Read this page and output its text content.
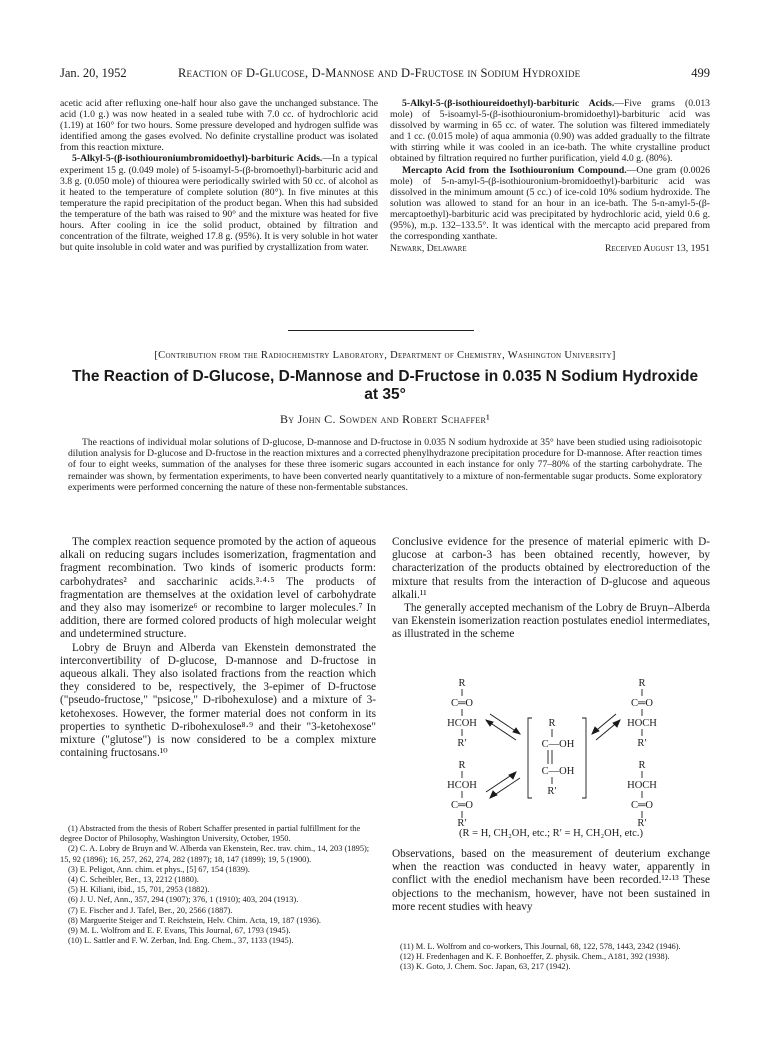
Jan. 20, 1952	Reaction of D-Glucose, D-Mannose and D-Fructose in Sodium Hydroxide	499

acetic acid after refluxing one-half hour also gave the unchanged substance. The acid (1.0 g.) was now heated in a sealed tube with 7.0 cc. of hydrochloric acid (1.19) at 160° for two hours. Some pressure developed and hydrogen sulfide was identified among the gases evolved. No definite crystalline product was isolated from this reaction mixture.

5-Alkyl-5-(β-isothiouroniumbromidoethyl)-barbituric Acids.—In a typical experiment 15 g. (0.049 mole) of 5-isoamyl-5-(β-bromoethyl)-barbituric acid and 3.8 g. (0.050 mole) of thiourea were periodically swirled with 50 cc. of alcohol as it heated to the temperature of complete solution (80°). In five minutes at this temperature the rapid precipitation of the product began. When this had subsided the temperature of the bath was raised to 90° and the mixture was heated for five hours. After cooling in ice the solid product, obtained by filtration and concentration of the filtrate, weighed 17.8 g. (95%). It is very soluble in hot water but quite insoluble in cold water and was purified by crystallization from water.

5-Alkyl-5-(β-isothioureidoethyl)-barbituric Acids.—Five grams (0.013 mole) of 5-isoamyl-5-(β-isothiouronium-bromidoethyl)-barbituric acid was dissolved by warming in 65 cc. of water. The solution was filtered immediately and 1 cc. (0.015 mole) of aqua ammonia (0.90) was added gradually to the filtrate with stirring while it was cooled in an ice-bath. The white crystalline product obtained by filtration required no further purification, yield 4.0 g. (80%).

Mercapto Acid from the Isothiouronium Compound.—One gram (0.0026 mole) of 5-n-amyl-5-(β-isothiouronium-bromidoethyl)-barbituric acid was dissolved in the minimum amount (5 cc.) of ice-cold 10% sodium hydroxide. The solution was allowed to stand for an hour in an ice-bath. The 5-n-amyl-5-(β-mercaptoethyl)-barbituric acid was precipitated by hydrochloric acid, yield 0.6 g. (95%), m.p. 132–133.5°. It was identical with the mercapto acid prepared from the corresponding xanthate.

Newark, Delaware	Received August 13, 1951
[Contribution from the Radiochemistry Laboratory, Department of Chemistry, Washington University]
The Reaction of D-Glucose, D-Mannose and D-Fructose in 0.035 N Sodium Hydroxide
at 35°
By John C. Sowden and Robert Schaffer¹
The reactions of individual molar solutions of D-glucose, D-mannose and D-fructose in 0.035 N sodium hydroxide at 35° have been studied using radioisotopic dilution analysis for D-glucose and D-fructose in the reaction mixtures and a corrected phenylhydrazone precipitation procedure for D-mannose. After reaction times of four to eight weeks, summation of the analyses for these three isomeric sugars accounted in each instance for only 77–80% of the starting carbohydrate. The remainder was shown, by fermentation experiments, to have been converted nearly quantitatively to a mixture of non-fermentable sugar products. Some exploratory experiments were performed concerning the nature of these non-fermentable substances.

The complex reaction sequence promoted by the action of aqueous alkali on reducing sugars includes isomerization, fragmentation and fragment recombination. Two kinds of isomeric products form: carbohydrates² and saccharinic acids.³·⁴·⁵ The products of fragmentation are themselves at the oxidation level of carbohydrate and they also may isomerize⁶ or recombine to larger molecules.⁷ In addition, there are formed colored products of high molecular weight and undetermined structure.

Lobry de Bruyn and Alberda van Ekenstein demonstrated the interconvertibility of D-glucose, D-mannose and D-fructose in aqueous alkali. They also isolated fractions from the reaction which they considered to be, respectively, the 3-epimer of D-fructose ("pseudo-fructose," "psicose," D-ribohexulose) and a mixture of 3-ketohexoses. However, the former material does not conform in its properties to synthetic D-ribohexulose⁸·⁹ and their "3-ketohexose" mixture ("glutose") is now considered to be a complex mixture containing fructosans.¹⁰

(1) Abstracted from the thesis of Robert Schaffer presented in partial fulfillment for the degree Doctor of Philosophy, Washington University, October, 1950.

(2) C. A. Lobry de Bruyn and W. Alberda van Ekenstein, Rec. trav. chim., 14, 203 (1895); 15, 92 (1896); 16, 257, 262, 274, 282 (1897); 18, 147 (1899); 19, 5 (1900).

(3) E. Peligot, Ann. chim. et phys., [5] 67, 154 (1839).

(4) C. Scheibler, Ber., 13, 2212 (1880).

(5) H. Kiliani, ibid., 15, 701, 2953 (1882).

(6) J. U. Nef, Ann., 357, 294 (1907); 376, 1 (1910); 403, 204 (1913).

(7) E. Fischer and J. Tafel, Ber., 20, 2566 (1887).

(8) Marguerite Steiger and T. Reichstein, Helv. Chim. Acta, 19, 187 (1936).

(9) M. L. Wolfrom and E. F. Evans, This Journal, 67, 1793 (1945).

(10) L. Sattler and F. W. Zerban, Ind. Eng. Chem., 37, 1133 (1945).

Conclusive evidence for the presence of material epimeric with D-glucose at carbon-3 has been obtained recently, however, by characterization of the products obtained by electroreduction of the mixture that results from the interaction of D-glucose and aqueous alkali.¹¹

The generally accepted mechanism of the Lobry de Bruyn–Alberda van Ekenstein isomerization reaction postulates enediol intermediates, as illustrated in the scheme

R
C═O
HCOH
R′
R
HCOH
C═O
R′
R
C—OH
C—OH
R′
R
C═O
HOCH
R′
R
HOCH
C═O
R′
(R = H, CH₂OH, etc.; R′ = H, CH₂OH, etc.)

Observations, based on the measurement of deuterium exchange when the reaction was conducted in heavy water, apparently in conflict with the enediol mechanism have been recorded.¹²·¹³ These objections to the mechanism, however, have not been sustained in more recent studies with heavy

(11) M. L. Wolfrom and co-workers, This Journal, 68, 122, 578, 1443, 2342 (1946).

(12) H. Fredenhagen and K. F. Bonhoeffer, Z. physik. Chem., A181, 392 (1938).

(13) K. Goto, J. Chem. Soc. Japan, 63, 217 (1942).
